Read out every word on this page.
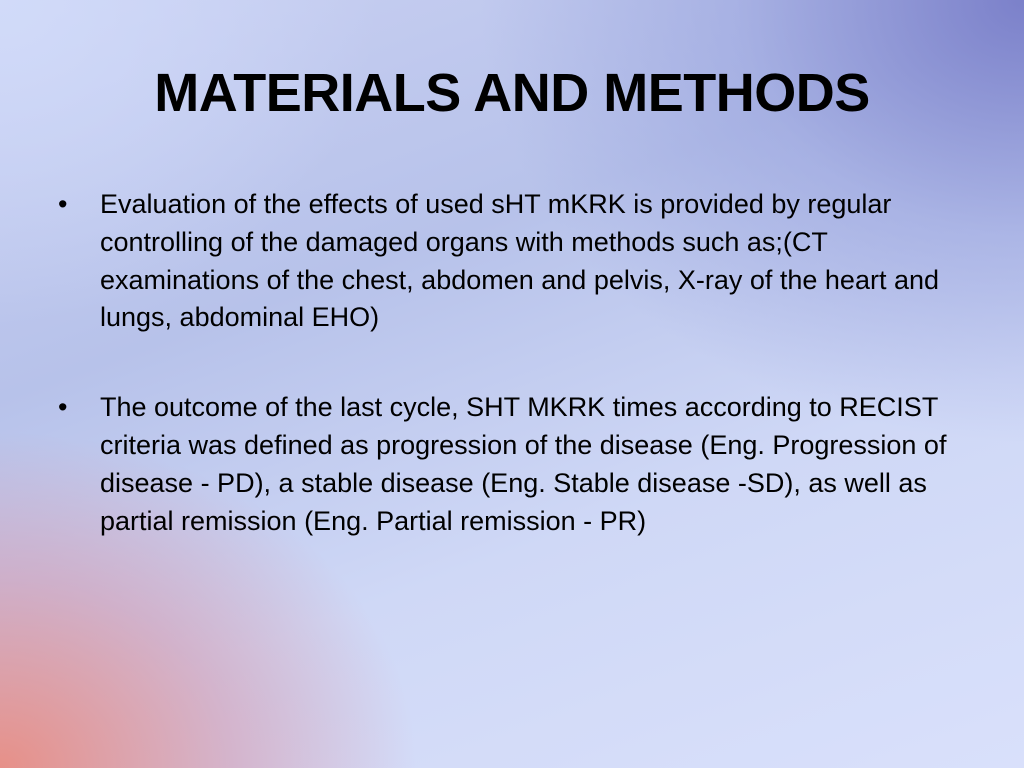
MATERIALS AND METHODS
•	Evaluation of the effects of used sHT mKRK is provided by regular controlling of the damaged organs with methods such as;(CT examinations of the chest, abdomen and pelvis, X-ray of the heart and lungs, abdominal EHO)
•	The outcome of the last cycle, SHT MKRK times according to RECIST criteria was defined as progression of the disease (Eng. Progression of disease - PD), a stable disease (Eng. Stable disease -SD), as well as partial remission (Eng. Partial remission - PR)
